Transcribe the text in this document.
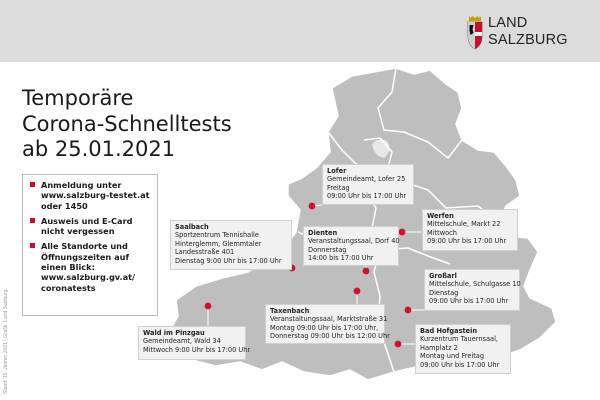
LAND
SALZBURG
Temporäre
Corona-Schnelltests
ab 25.01.2021
Anmeldung unter
www.salzburg-testet.at
oder 1450
Ausweis und E-Card
nicht vergessen
Alle Standorte und
Öffnungszeiten auf
einen Blick:
www.salzburg.gv.at/
coronatests
Stand: 15. Jänner 2021 | Grafik: Land Salzburg
Lofer
Gemeindeamt, Lofer 25
Freitag
09:00 Uhr bis 17:00 Uhr
Werfen
Mittelschule, Markt 22
Mittwoch
09:00 Uhr bis 17:00 Uhr
Saalbach
Sportzentrum Tennishalle
Hinterglemm, Glemmtaler
Landesstraße 401
Dienstag 9:00 Uhr bis 17:00 Uhr
Dienten
Veranstaltungssaal, Dorf 40
Donnerstag
14:00 bis 17:00 Uhr
Großarl
Mittelschule, Schulgasse 10
Dienstag
09:00 Uhr bis 17:00 Uhr
Taxenbach
Veranstaltungssaal, Marktstraße 31
Montag 09:00 Uhr bis 17:00 Uhr,
Donnerstag 09:00 Uhr bis 12:00 Uhr
Wald im Pinzgau
Gemeindeamt, Wald 34
Mittwoch 9:00 Uhr bis 17:00 Uhr
Bad Hofgastein
Kurzentrum Tauernsaal,
Hamplatz 2
Montag und Freitag
09:00 Uhr bis 17:00 Uhr
